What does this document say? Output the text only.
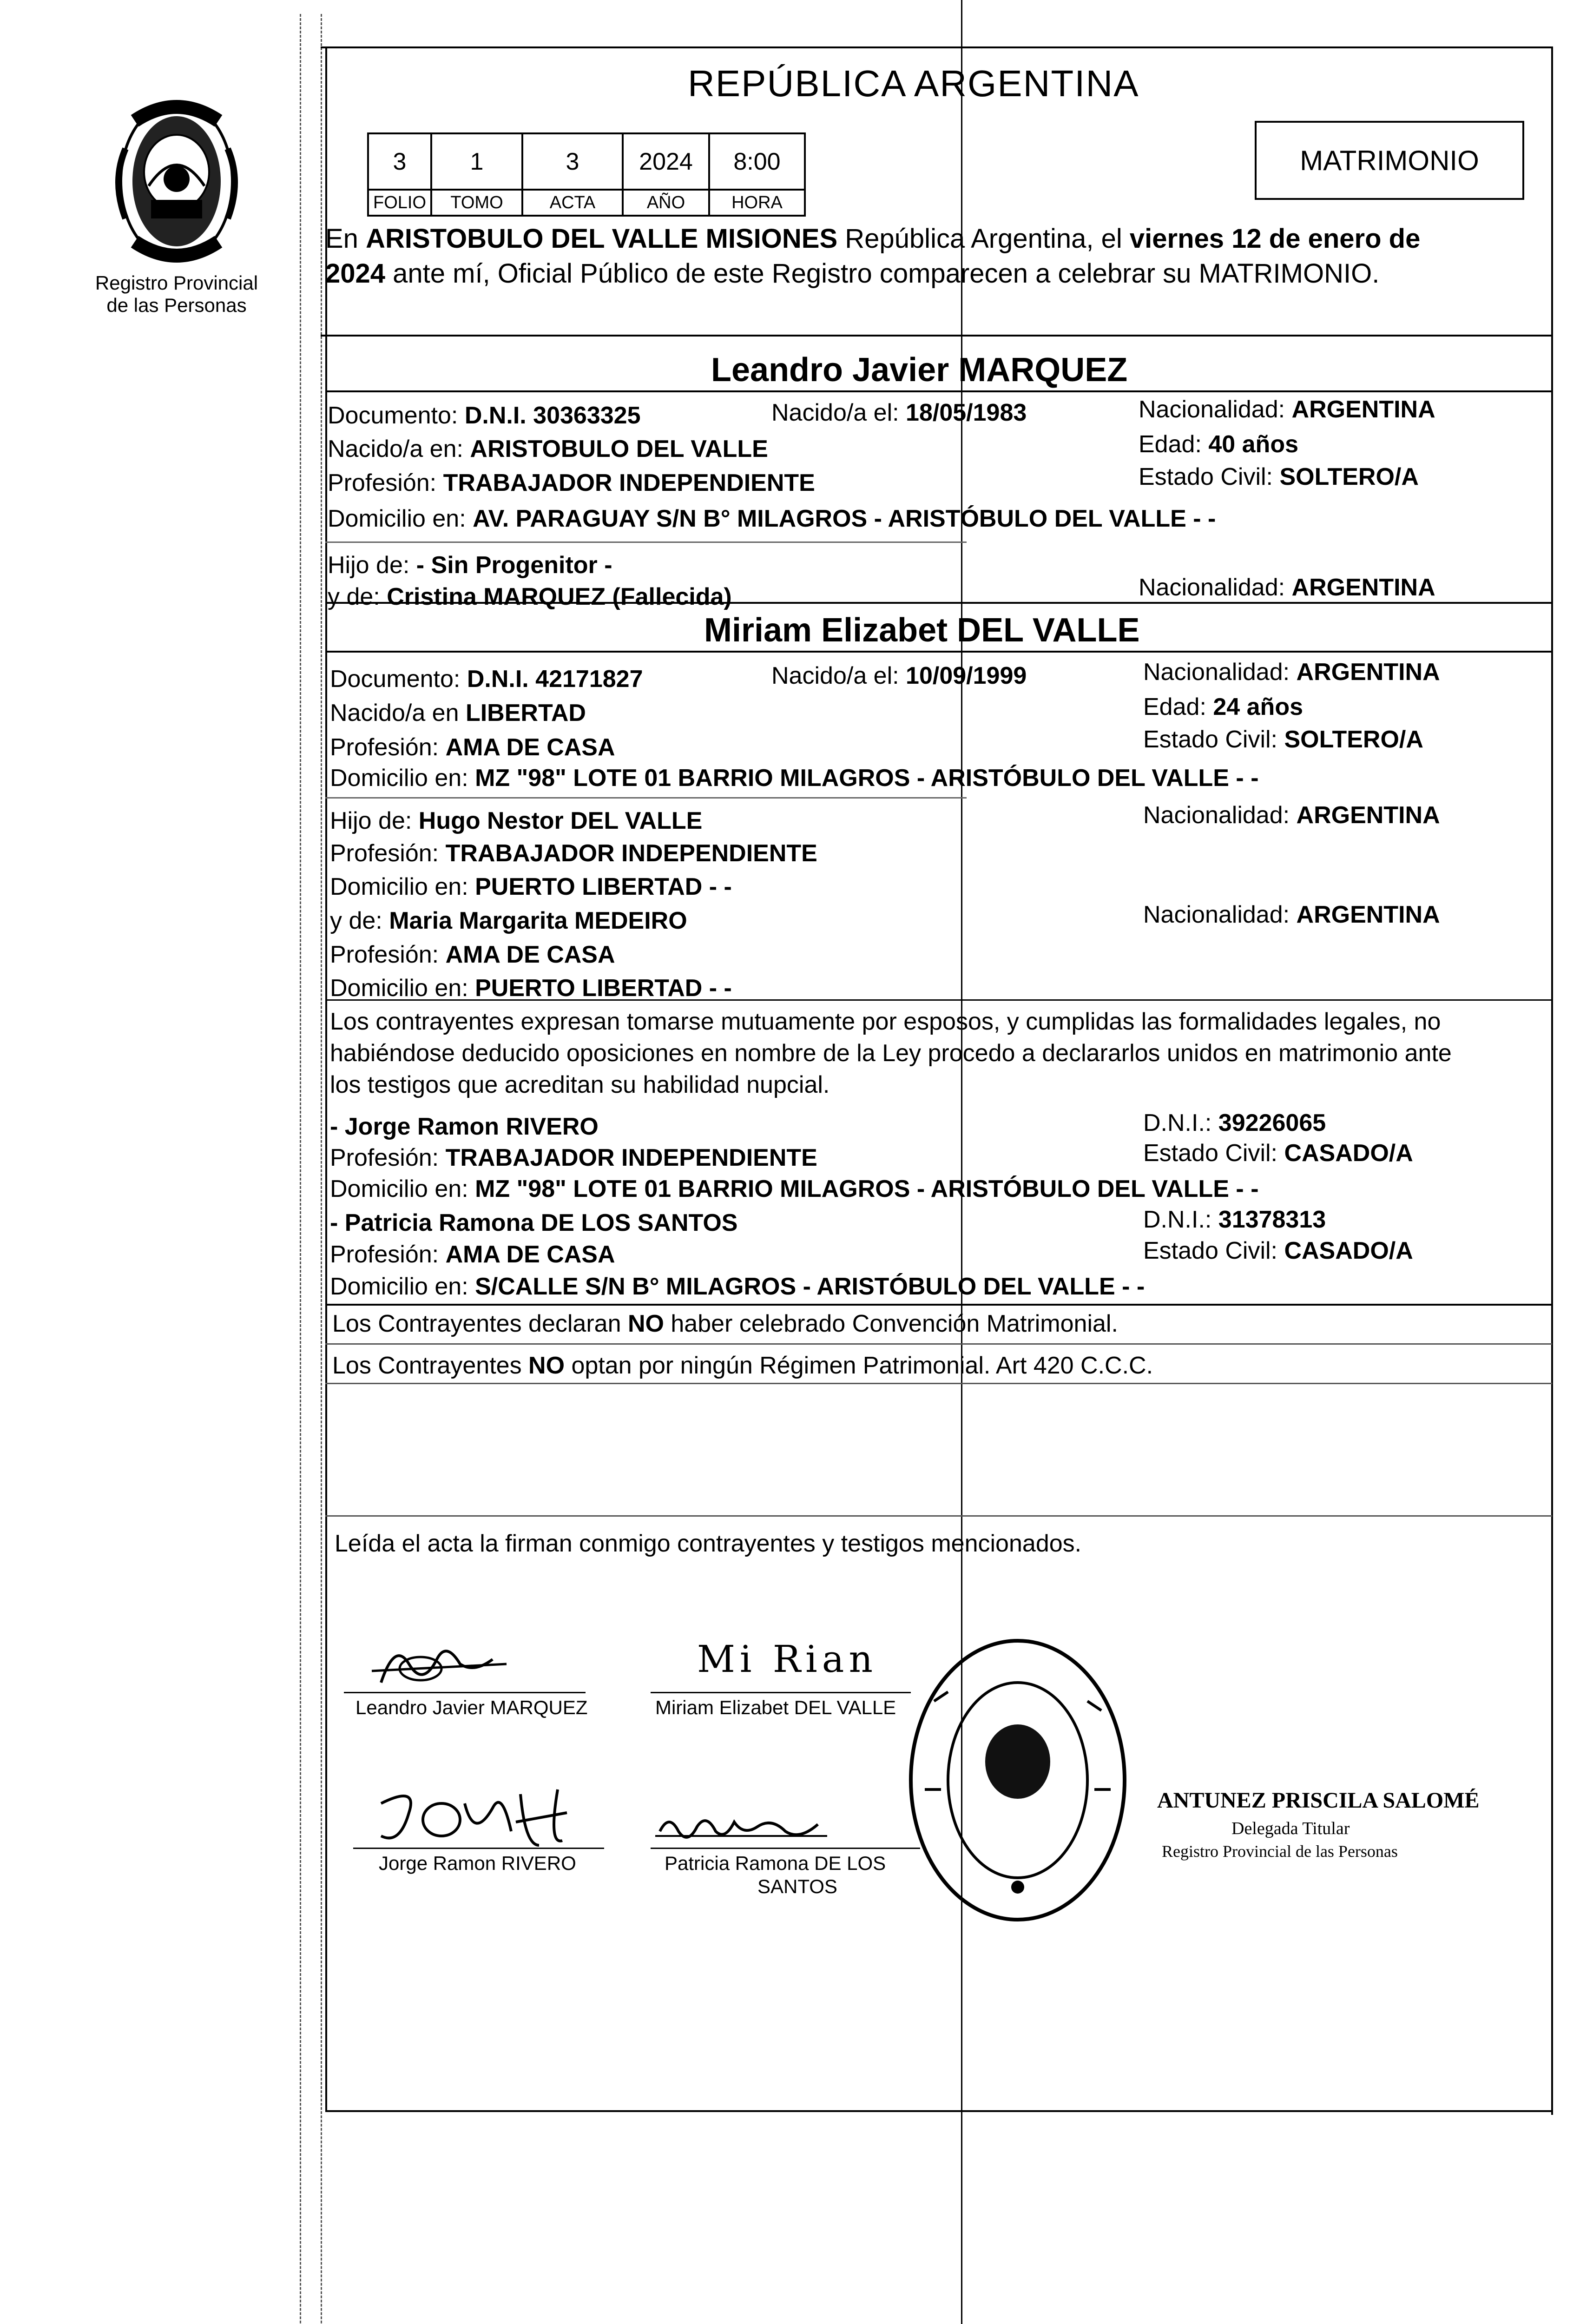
Registro Provincial
de las Personas
REPÚBLICA ARGENTINA
3	1	3	2024	8:00
FOLIO	TOMO	ACTA	AÑO	HORA
MATRIMONIO
En ARISTOBULO DEL VALLE MISIONES República Argentina, el viernes 12 de enero de
2024 ante mí, Oficial Público de este Registro comparecen a celebrar su MATRIMONIO.
Leandro Javier MARQUEZ
Documento: D.N.I. 30363325	Nacido/a el: 18/05/1983	Nacionalidad: ARGENTINA
Nacido/a en: ARISTOBULO DEL VALLE	Edad: 40 años
Profesión: TRABAJADOR INDEPENDIENTE	Estado Civil: SOLTERO/A
Domicilio en: AV. PARAGUAY S/N B° MILAGROS - ARISTÓBULO DEL VALLE - -
Hijo de: - Sin Progenitor -
y de: Cristina MARQUEZ (Fallecida)	Nacionalidad: ARGENTINA
Miriam Elizabet DEL VALLE
Documento: D.N.I. 42171827	Nacido/a el: 10/09/1999	Nacionalidad: ARGENTINA
Nacido/a en LIBERTAD	Edad: 24 años
Profesión: AMA DE CASA	Estado Civil: SOLTERO/A
Domicilio en: MZ "98" LOTE 01 BARRIO MILAGROS - ARISTÓBULO DEL VALLE - -
Hijo de: Hugo Nestor DEL VALLE	Nacionalidad: ARGENTINA
Profesión: TRABAJADOR INDEPENDIENTE
Domicilio en: PUERTO LIBERTAD - -
y de: Maria Margarita MEDEIRO	Nacionalidad: ARGENTINA
Profesión: AMA DE CASA
Domicilio en: PUERTO LIBERTAD - -
Los contrayentes expresan tomarse mutuamente por esposos, y cumplidas las formalidades legales, no
habiéndose deducido oposiciones en nombre de la Ley procedo a declararlos unidos en matrimonio ante
los testigos que acreditan su habilidad nupcial.
- Jorge Ramon RIVERO	D.N.I.: 39226065
Profesión: TRABAJADOR INDEPENDIENTE	Estado Civil: CASADO/A
Domicilio en: MZ "98" LOTE 01 BARRIO MILAGROS - ARISTÓBULO DEL VALLE - -
- Patricia Ramona DE LOS SANTOS	D.N.I.: 31378313
Profesión: AMA DE CASA	Estado Civil: CASADO/A
Domicilio en: S/CALLE S/N B° MILAGROS - ARISTÓBULO DEL VALLE - -
Los Contrayentes declaran NO haber celebrado Convención Matrimonial.
Los Contrayentes NO optan por ningún Régimen Patrimonial. Art 420 C.C.C.
Leída el acta la firman conmigo contrayentes y testigos mencionados.
Leandro Javier MARQUEZ
Mi Rian
Miriam Elizabet DEL VALLE
Jorge Ramon RIVERO	Patricia Ramona DE LOS
SANTOS
ANTUNEZ PRISCILA SALOMÉ
Delegada Titular
Registro Provincial de las Personas
